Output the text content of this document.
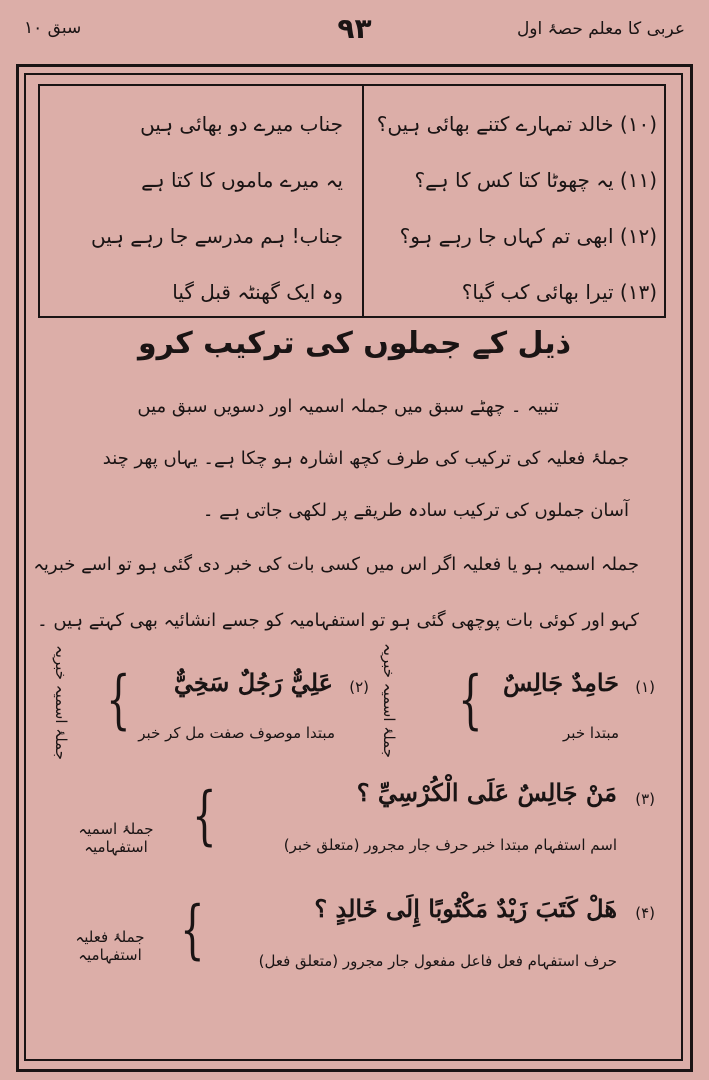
سبق ۱۰	۹۳	عربی کا معلم حصۂ اول
(۱۰) خالد تمہارے کتنے بھائی ہیں؟
(۱۱) یہ چھوٹا کتا کس کا ہے؟
(۱۲) ابھی تم کہاں جا رہے ہو؟
(۱۳) تیرا بھائی کب گیا؟
جناب میرے دو بھائی ہیں
یہ میرے ماموں کا کتا ہے
جناب! ہم مدرسے جا رہے ہیں
وہ ایک گھنٹہ قبل گیا
ذیل کے جملوں کی ترکیب کرو
تنبیہ ۔ چھٹے سبق میں جملہ اسمیہ اور دسویں سبق میں
جملۂ فعلیہ کی ترکیب کی طرف کچھ اشارہ ہو چکا ہے۔ یہاں پھر چند
آسان جملوں کی ترکیب سادہ طریقے پر لکھی جاتی ہے ۔
جملہ اسمیہ ہو یا فعلیہ اگر اس میں کسی بات کی خبر دی گئی ہو تو اسے خبریہ
کہو اور کوئی بات پوچھی گئی ہو تو استفہامیہ کو جسے انشائیہ بھی کہتے ہیں ۔
(۱)
حَامِدٌ جَالِسٌ
مبتدا خبر
{
جملۂ اسمیہ خبریہ
(۲)
عَلِيٌّ رَجُلٌ سَخِيٌّ
مبتدا موصوف صفت مل کر خبر
{
جملۂ اسمیہ خبریہ
(۳)
مَنْ جَالِسٌ عَلَى الْكُرْسِيِّ ؟
اسم استفہام مبتدا خبر حرف جار مجرور (متعلق خبر)
{
جملۂ اسمیہ استفہامیہ
(۴)
هَلْ كَتَبَ زَيْدٌ مَكْتُوبًا إِلَى خَالِدٍ ؟
حرف استفہام فعل فاعل مفعول جار مجرور (متعلق فعل)
{
جملۂ فعلیہ استفہامیہ
